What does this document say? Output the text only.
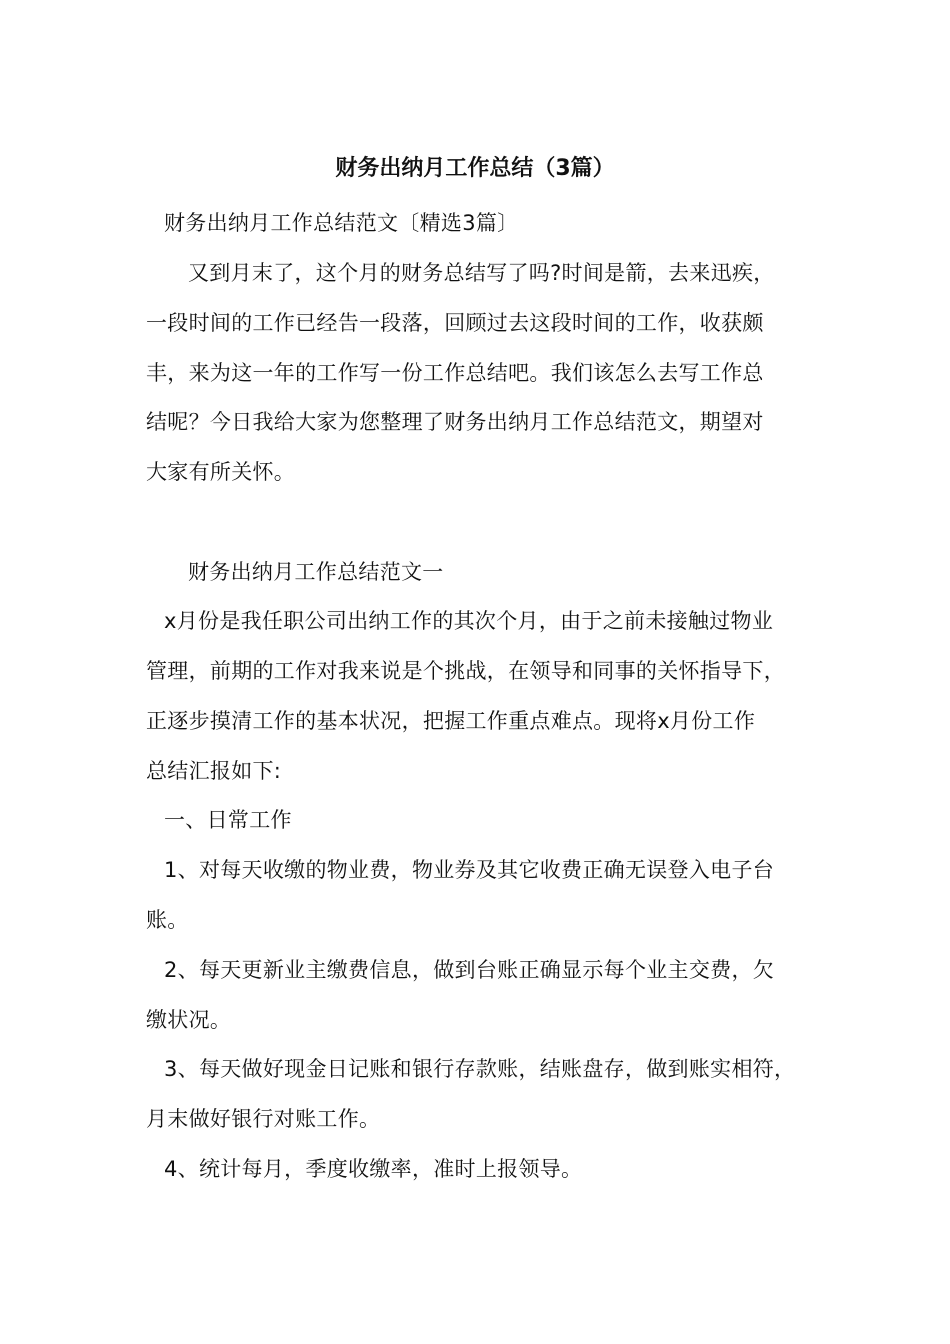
财务出纳月工作总结（3篇）
财务出纳月工作总结范文〔精选3篇〕
又到月末了，这个月的财务总结写了吗?时间是箭，去来迅疾，
一段时间的工作已经告一段落，回顾过去这段时间的工作，收获颇
丰，来为这一年的工作写一份工作总结吧。我们该怎么去写工作总
结呢？今日我给大家为您整理了财务出纳月工作总结范文，期望对
大家有所关怀。
财务出纳月工作总结范文一
x月份是我任职公司出纳工作的其次个月，由于之前未接触过物业
管理，前期的工作对我来说是个挑战，在领导和同事的关怀指导下，
正逐步摸清工作的基本状况，把握工作重点难点。现将x月份工作
总结汇报如下:
一、日常工作
1、对每天收缴的物业费，物业券及其它收费正确无误登入电子台
账。
2、每天更新业主缴费信息，做到台账正确显示每个业主交费，欠
缴状况。
3、每天做好现金日记账和银行存款账，结账盘存，做到账实相符，
月末做好银行对账工作。
4、统计每月，季度收缴率，准时上报领导。
